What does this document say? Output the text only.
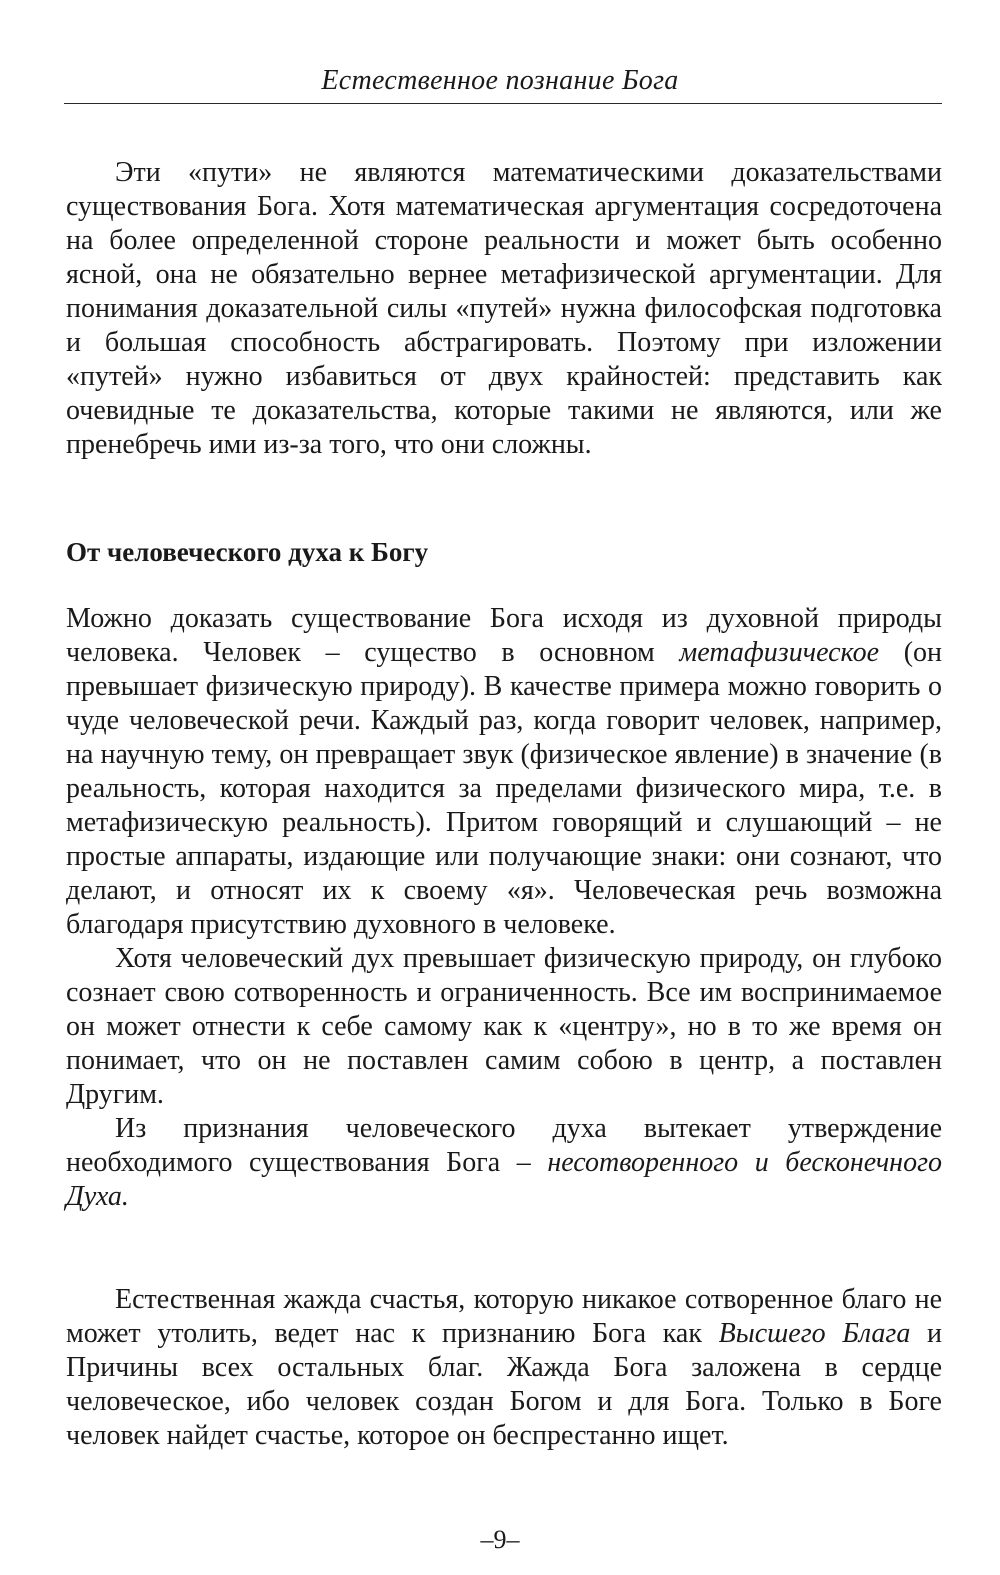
Естественное познание Бога

Эти «пути» не являются математическими доказательствами существования Бога. Хотя математическая аргументация сосредоточена на более определенной стороне реальности и может быть особенно ясной, она не обязательно вернее метафизической аргументации. Для понимания доказательной силы «путей» нужна философская подготовка и большая способность абстрагировать. Поэтому при изложении «путей» нужно избавиться от двух крайностей: представить как очевидные те доказательства, которые такими не являются, или же пренебречь ими из-за того, что они сложны.

От человеческого духа к Богу

Можно доказать существование Бога исходя из духовной природы человека. Человек – существо в основном метафизическое (он превышает физическую природу). В качестве примера можно говорить о чуде человеческой речи. Каждый раз, когда говорит человек, например, на научную тему, он превращает звук (физическое явление) в значение (в реальность, которая находится за пределами физического мира, т.е. в метафизическую реальность). Притом говорящий и слушающий – не простые аппараты, издающие или получающие знаки: они сознают, что делают, и относят их к своему «я». Человеческая речь возможна благодаря присутствию духовного в человеке.

Хотя человеческий дух превышает физическую природу, он глубоко сознает свою сотворенность и ограниченность. Все им воспринимаемое он может отнести к себе самому как к «центру», но в то же время он понимает, что он не поставлен самим собою в центр, а поставлен Другим.

Из признания человеческого духа вытекает утверждение необходимого существования Бога – несотворенного и бесконечного Духа.

Естественная жажда счастья, которую никакое сотворенное благо не может утолить, ведет нас к признанию Бога как Высшего Блага и Причины всех остальных благ. Жажда Бога заложена в сердце человеческое, ибо человек создан Богом и для Бога. Только в Боге человек найдет счастье, которое он беспрестанно ищет.

–9–
